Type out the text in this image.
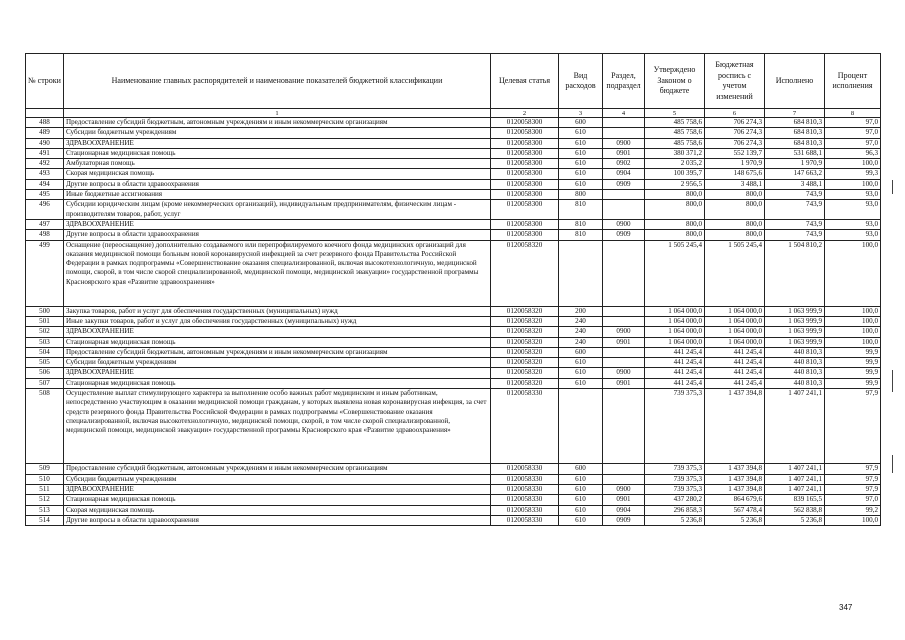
№ строки	Наименование главных распорядителей и наименование показателей бюджетной классификации	Целевая статья	Вид расходов	Раздел, подраздел	Утверждено Законом о бюджете	Бюджетная роспись с учетом изменений	Исполнено	Процент исполнения
	1	2	3	4	5	6	7	8
488	Предоставление субсидий бюджетным, автономным учреждениям и иным некоммерческим организациям	0120058300	600		485 758,6	706 274,3	684 810,3	97,0
489	Субсидии бюджетным учреждениям	0120058300	610		485 758,6	706 274,3	684 810,3	97,0
490	ЗДРАВООХРАНЕНИЕ	0120058300	610	0900	485 758,6	706 274,3	684 810,3	97,0
491	Стационарная медицинская помощь	0120058300	610	0901	380 371,2	552 139,7	531 688,1	96,3
492	Амбулаторная помощь	0120058300	610	0902	2 035,2	1 970,9	1 970,9	100,0
493	Скорая медицинская помощь	0120058300	610	0904	100 395,7	148 675,6	147 663,2	99,3
494	Другие вопросы в области здравоохранения	0120058300	610	0909	2 956,5	3 488,1	3 488,1	100,0
495	Иные бюджетные ассигнования	0120058300	800		800,0	800,0	743,9	93,0
496	Субсидии юридическим лицам (кроме некоммерческих организаций), индивидуальным предпринимателям, физическим лицам - производителям товаров, работ, услуг	0120058300	810		800,0	800,0	743,9	93,0
497	ЗДРАВООХРАНЕНИЕ	0120058300	810	0900	800,0	800,0	743,9	93,0
498	Другие вопросы в области здравоохранения	0120058300	810	0909	800,0	800,0	743,9	93,0
499	Оснащение (переоснащение) дополнительно создаваемого или перепрофилируемого коечного фонда медицинских организаций для оказания медицинской помощи больным новой коронавирусной инфекцией за счет резервного фонда Правительства Российской Федерации в рамках подпрограммы «Совершенствование оказания специализированной, включая высокотехнологичную, медицинской помощи, скорой, в том числе скорой специализированной, медицинской помощи, медицинской эвакуации» государственной программы Красноярского края «Развитие здравоохранения»	0120058320			1 505 245,4	1 505 245,4	1 504 810,2	100,0
500	Закупка товаров, работ и услуг для обеспечения государственных (муниципальных) нужд	0120058320	200		1 064 000,0	1 064 000,0	1 063 999,9	100,0
501	Иные закупки товаров, работ и услуг для обеспечения государственных (муниципальных) нужд	0120058320	240		1 064 000,0	1 064 000,0	1 063 999,9	100,0
502	ЗДРАВООХРАНЕНИЕ	0120058320	240	0900	1 064 000,0	1 064 000,0	1 063 999,9	100,0
503	Стационарная медицинская помощь	0120058320	240	0901	1 064 000,0	1 064 000,0	1 063 999,9	100,0
504	Предоставление субсидий бюджетным, автономным учреждениям и иным некоммерческим организациям	0120058320	600		441 245,4	441 245,4	440 810,3	99,9
505	Субсидии бюджетным учреждениям	0120058320	610		441 245,4	441 245,4	440 810,3	99,9
506	ЗДРАВООХРАНЕНИЕ	0120058320	610	0900	441 245,4	441 245,4	440 810,3	99,9
507	Стационарная медицинская помощь	0120058320	610	0901	441 245,4	441 245,4	440 810,3	99,9
508	Осуществление выплат стимулирующего характера за выполнение особо важных работ медицинским и иным работникам, непосредственно участвующим в оказании медицинской помощи гражданам, у которых выявлена новая коронавирусная инфекция, за счет средств резервного фонда Правительства Российской Федерации в рамках подпрограммы «Совершенствование оказания специализированной, включая высокотехнологичную, медицинской помощи, скорой, в том числе скорой специализированной, медицинской помощи, медицинской эвакуации» государственной программы Красноярского края «Развитие здравоохранения»	0120058330			739 375,3	1 437 394,8	1 407 241,1	97,9
509	Предоставление субсидий бюджетным, автономным учреждениям и иным некоммерческим организациям	0120058330	600		739 375,3	1 437 394,8	1 407 241,1	97,9
510	Субсидии бюджетным учреждениям	0120058330	610		739 375,3	1 437 394,8	1 407 241,1	97,9
511	ЗДРАВООХРАНЕНИЕ	0120058330	610	0900	739 375,3	1 437 394,8	1 407 241,1	97,9
512	Стационарная медицинская помощь	0120058330	610	0901	437 280,2	864 679,6	839 165,5	97,0
513	Скорая медицинская помощь	0120058330	610	0904	296 858,3	567 478,4	562 838,8	99,2
514	Другие вопросы в области здравоохранения	0120058330	610	0909	5 236,8	5 236,8	5 236,8	100,0
347
